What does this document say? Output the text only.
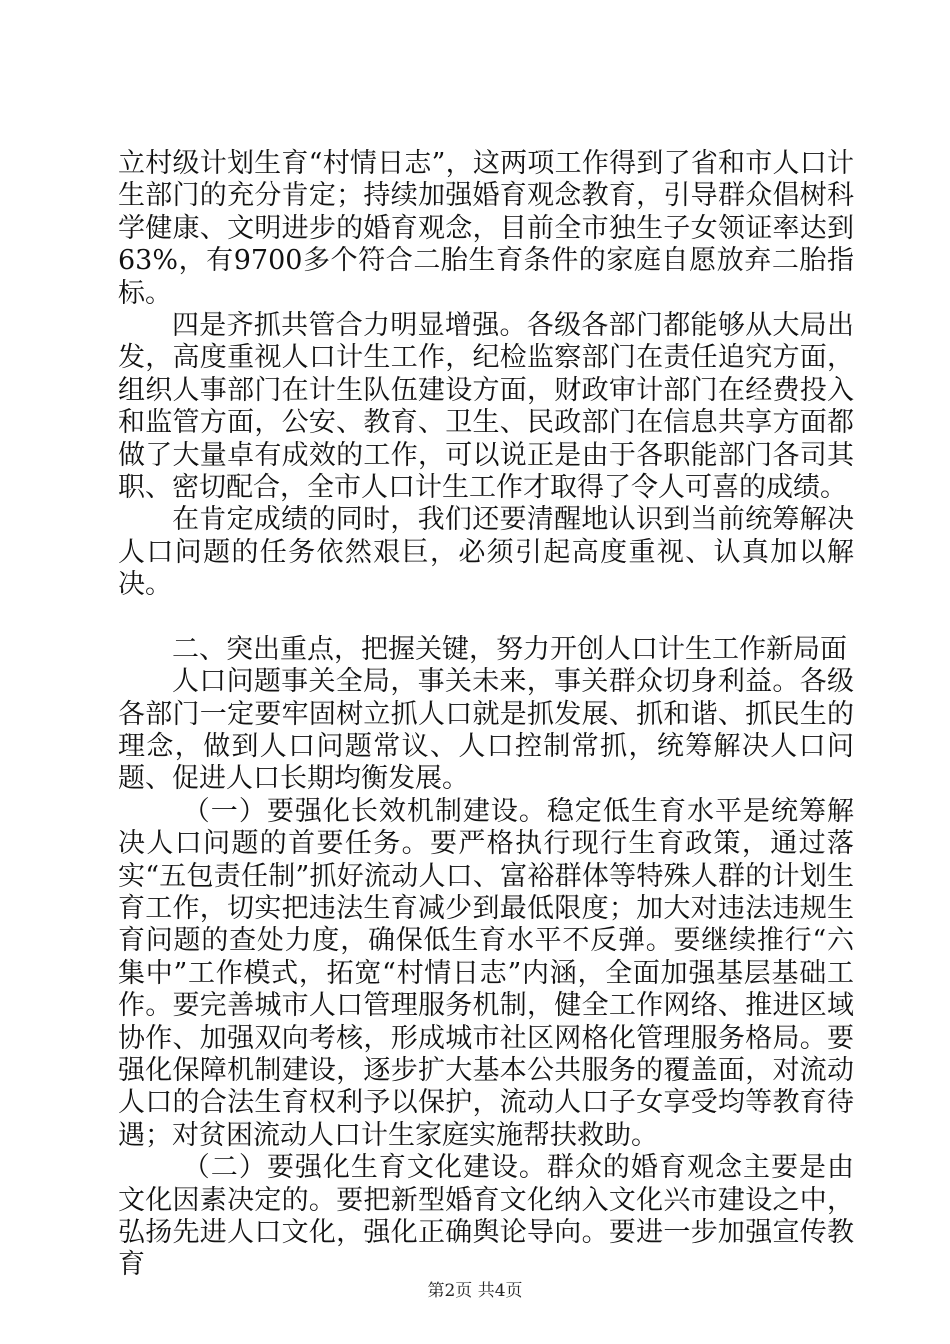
立村级计划生育“村情日志”，这两项工作得到了省和市人口计生部门的充分肯定；持续加强婚育观念教育，引导群众倡树科学健康、文明进步的婚育观念，目前全市独生子女领证率达到63%，有9700多个符合二胎生育条件的家庭自愿放弃二胎指标。

四是齐抓共管合力明显增强。各级各部门都能够从大局出发，高度重视人口计生工作，纪检监察部门在责任追究方面，组织人事部门在计生队伍建设方面，财政审计部门在经费投入和监管方面，公安、教育、卫生、民政部门在信息共享方面都做了大量卓有成效的工作，可以说正是由于各职能部门各司其职、密切配合，全市人口计生工作才取得了令人可喜的成绩。

在肯定成绩的同时，我们还要清醒地认识到当前统筹解决人口问题的任务依然艰巨，必须引起高度重视、认真加以解决。

二、突出重点，把握关键，努力开创人口计生工作新局面

人口问题事关全局，事关未来，事关群众切身利益。各级各部门一定要牢固树立抓人口就是抓发展、抓和谐、抓民生的理念，做到人口问题常议、人口控制常抓，统筹解决人口问题、促进人口长期均衡发展。

（一）要强化长效机制建设。稳定低生育水平是统筹解决人口问题的首要任务。要严格执行现行生育政策，通过落实“五包责任制”抓好流动人口、富裕群体等特殊人群的计划生育工作，切实把违法生育减少到最低限度；加大对违法违规生育问题的查处力度，确保低生育水平不反弹。要继续推行“六集中”工作模式，拓宽“村情日志”内涵，全面加强基层基础工作。要完善城市人口管理服务机制，健全工作网络、推进区域协作、加强双向考核，形成城市社区网格化管理服务格局。要强化保障机制建设，逐步扩大基本公共服务的覆盖面，对流动人口的合法生育权利予以保护，流动人口子女享受均等教育待遇；对贫困流动人口计生家庭实施帮扶救助。

（二）要强化生育文化建设。群众的婚育观念主要是由文化因素决定的。要把新型婚育文化纳入文化兴市建设之中，弘扬先进人口文化，强化正确舆论导向。要进一步加强宣传教育

第2页 共4页
